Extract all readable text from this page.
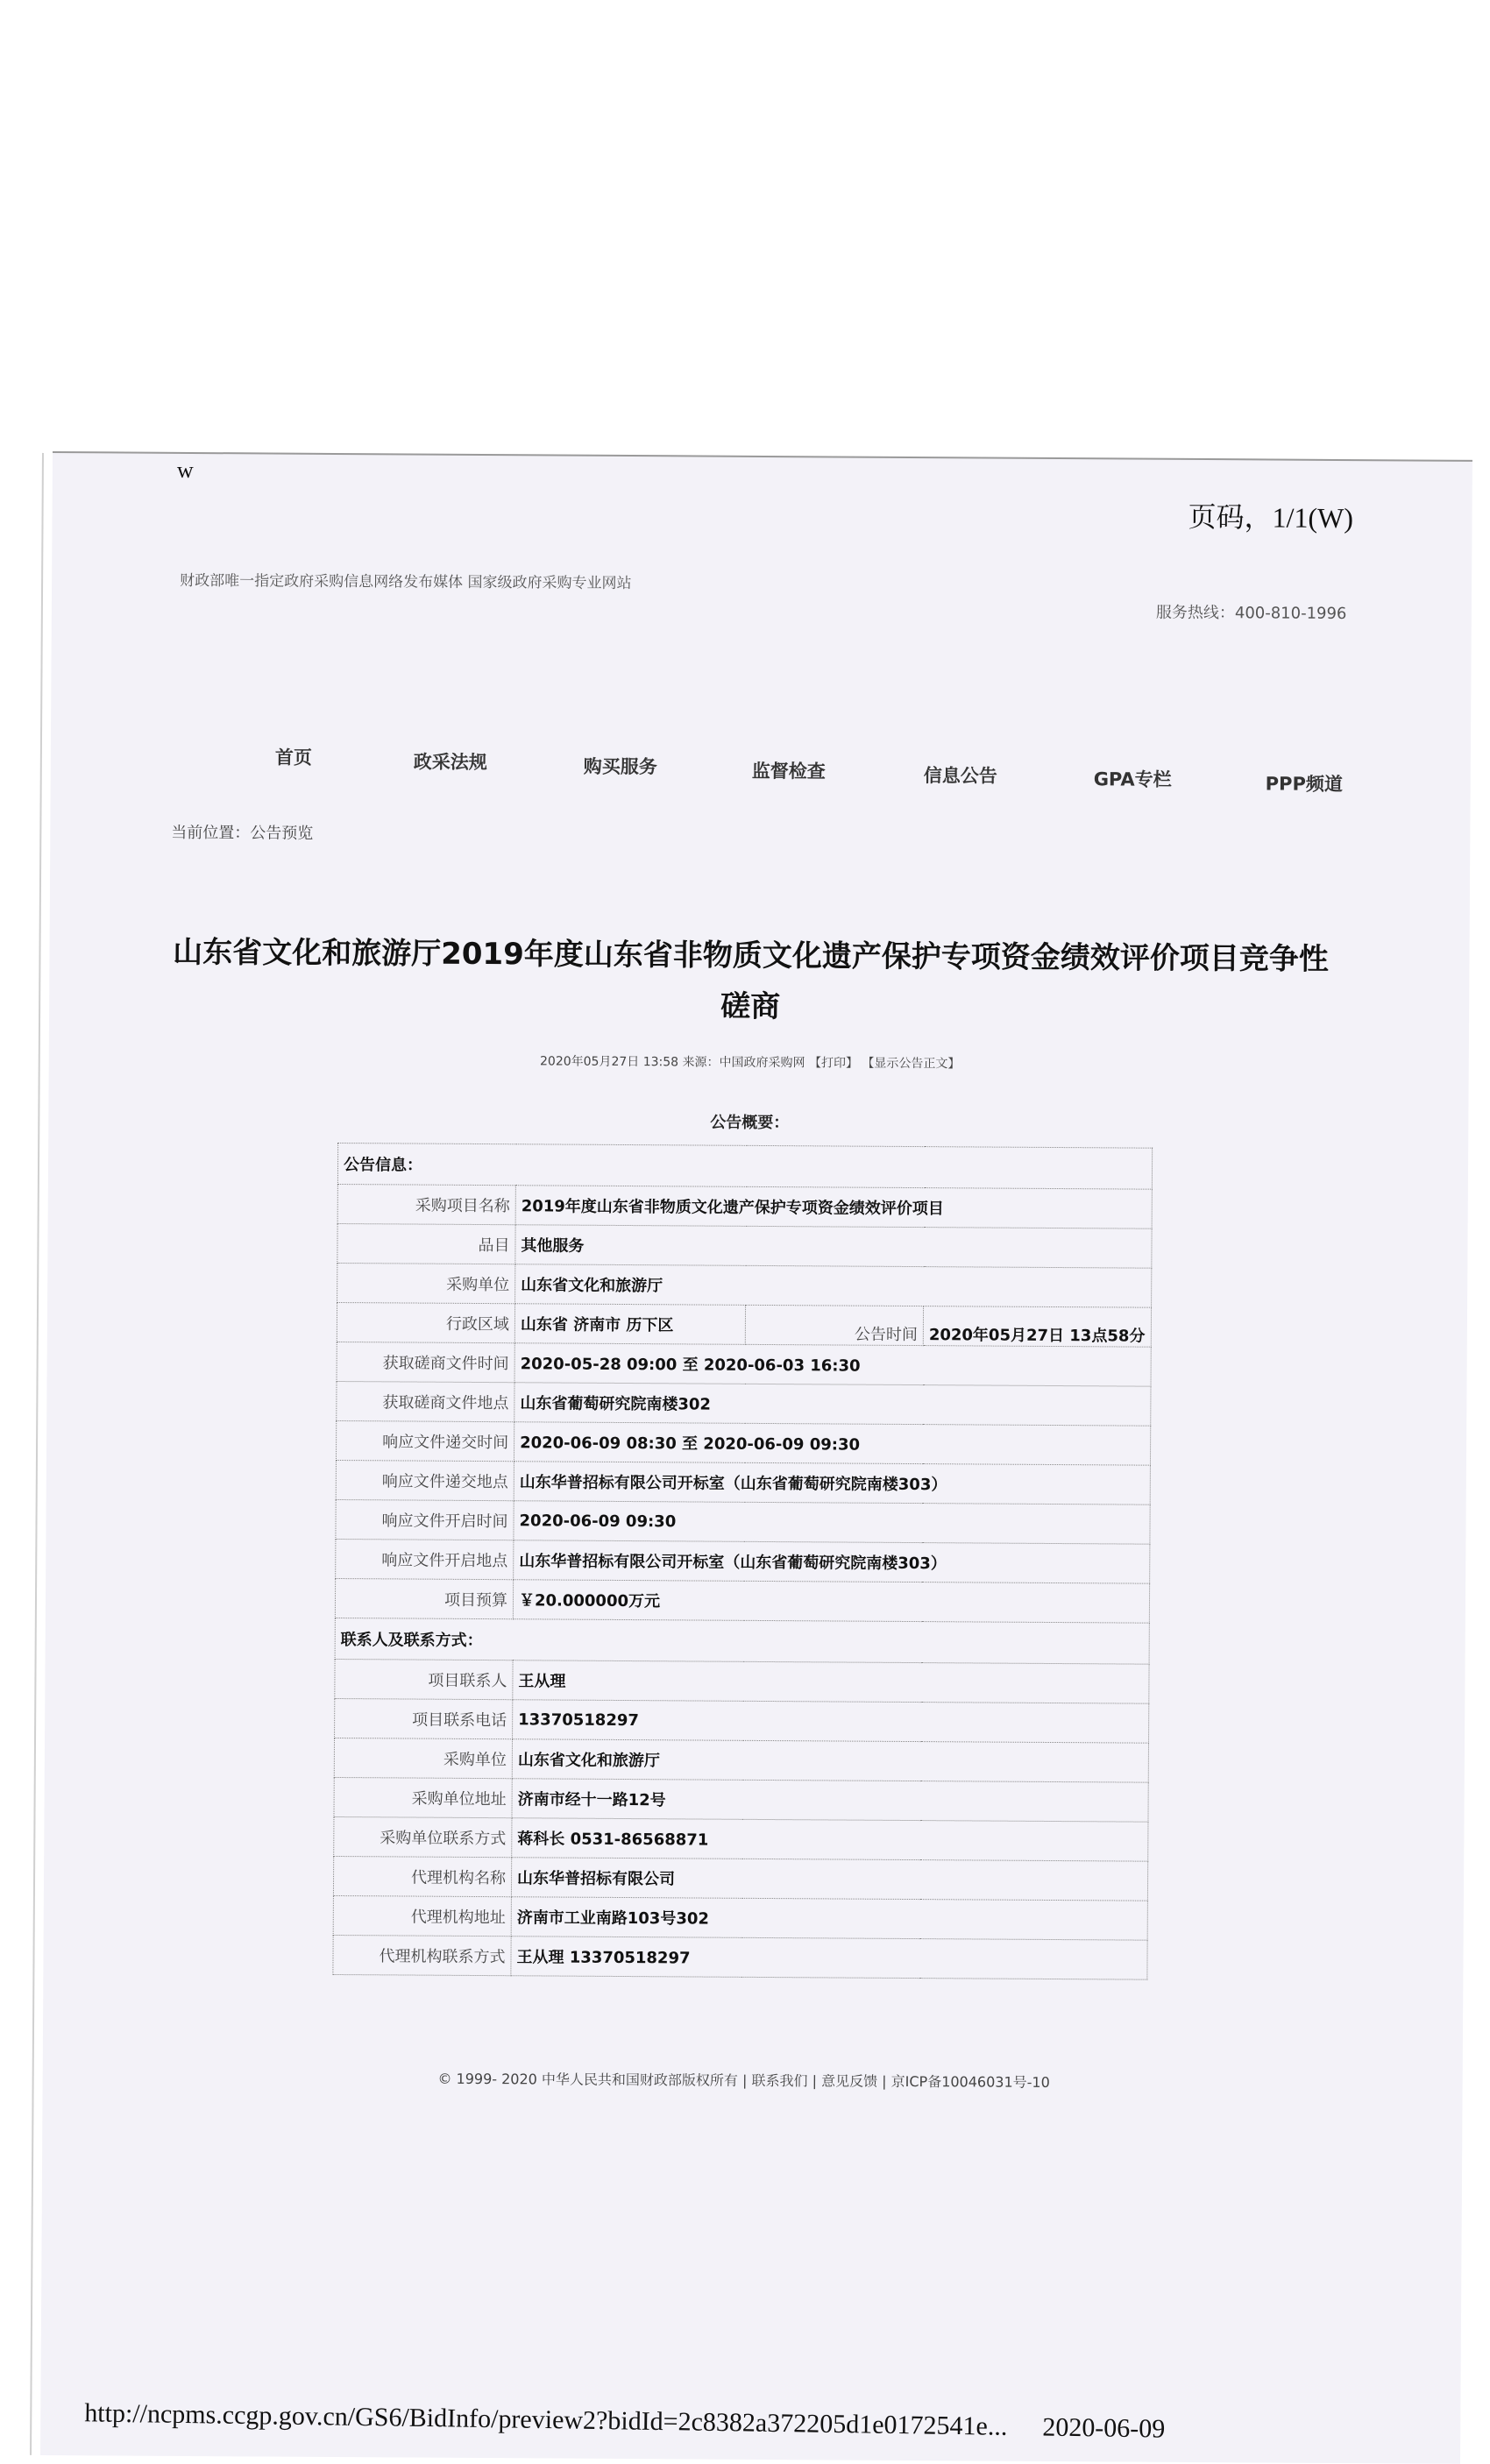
w
页码，1/1(W)
财政部唯一指定政府采购信息网络发布媒体 国家级政府采购专业网站
服务热线：400-810-1996
首页	政采法规	购买服务	监督检查	信息公告	GPA专栏	PPP频道
当前位置：公告预览
山东省文化和旅游厅2019年度山东省非物质文化遗产保护专项资金绩效评价项目竞争性磋商
2020年05月27日 13:58 来源：中国政府采购网 【打印】 【显示公告正文】
公告概要：
公告信息：			
采购项目名称	2019年度山东省非物质文化遗产保护专项资金绩效评价项目		
品目	其他服务		
采购单位	山东省文化和旅游厅		
行政区域	山东省 济南市 历下区	公告时间	2020年05月27日 13点58分
获取磋商文件时间	2020-05-28 09:00 至 2020-06-03 16:30		
获取磋商文件地点	山东省葡萄研究院南楼302		
响应文件递交时间	2020-06-09 08:30 至 2020-06-09 09:30		
响应文件递交地点	山东华普招标有限公司开标室（山东省葡萄研究院南楼303）		
响应文件开启时间	2020-06-09 09:30		
响应文件开启地点	山东华普招标有限公司开标室（山东省葡萄研究院南楼303）		
项目预算	￥20.000000万元		
联系人及联系方式：			
项目联系人	王从理		
项目联系电话	13370518297		
采购单位	山东省文化和旅游厅		
采购单位地址	济南市经十一路12号		
采购单位联系方式	蒋科长 0531-86568871		
代理机构名称	山东华普招标有限公司		
代理机构地址	济南市工业南路103号302		
代理机构联系方式	王从理 13370518297		
© 1999- 2020 中华人民共和国财政部版权所有 | 联系我们 | 意见反馈 | 京ICP备10046031号-10
http://ncpms.ccgp.gov.cn/GS6/BidInfo/preview2?bidId=2c8382a372205d1e0172541e... 2020-06-09
